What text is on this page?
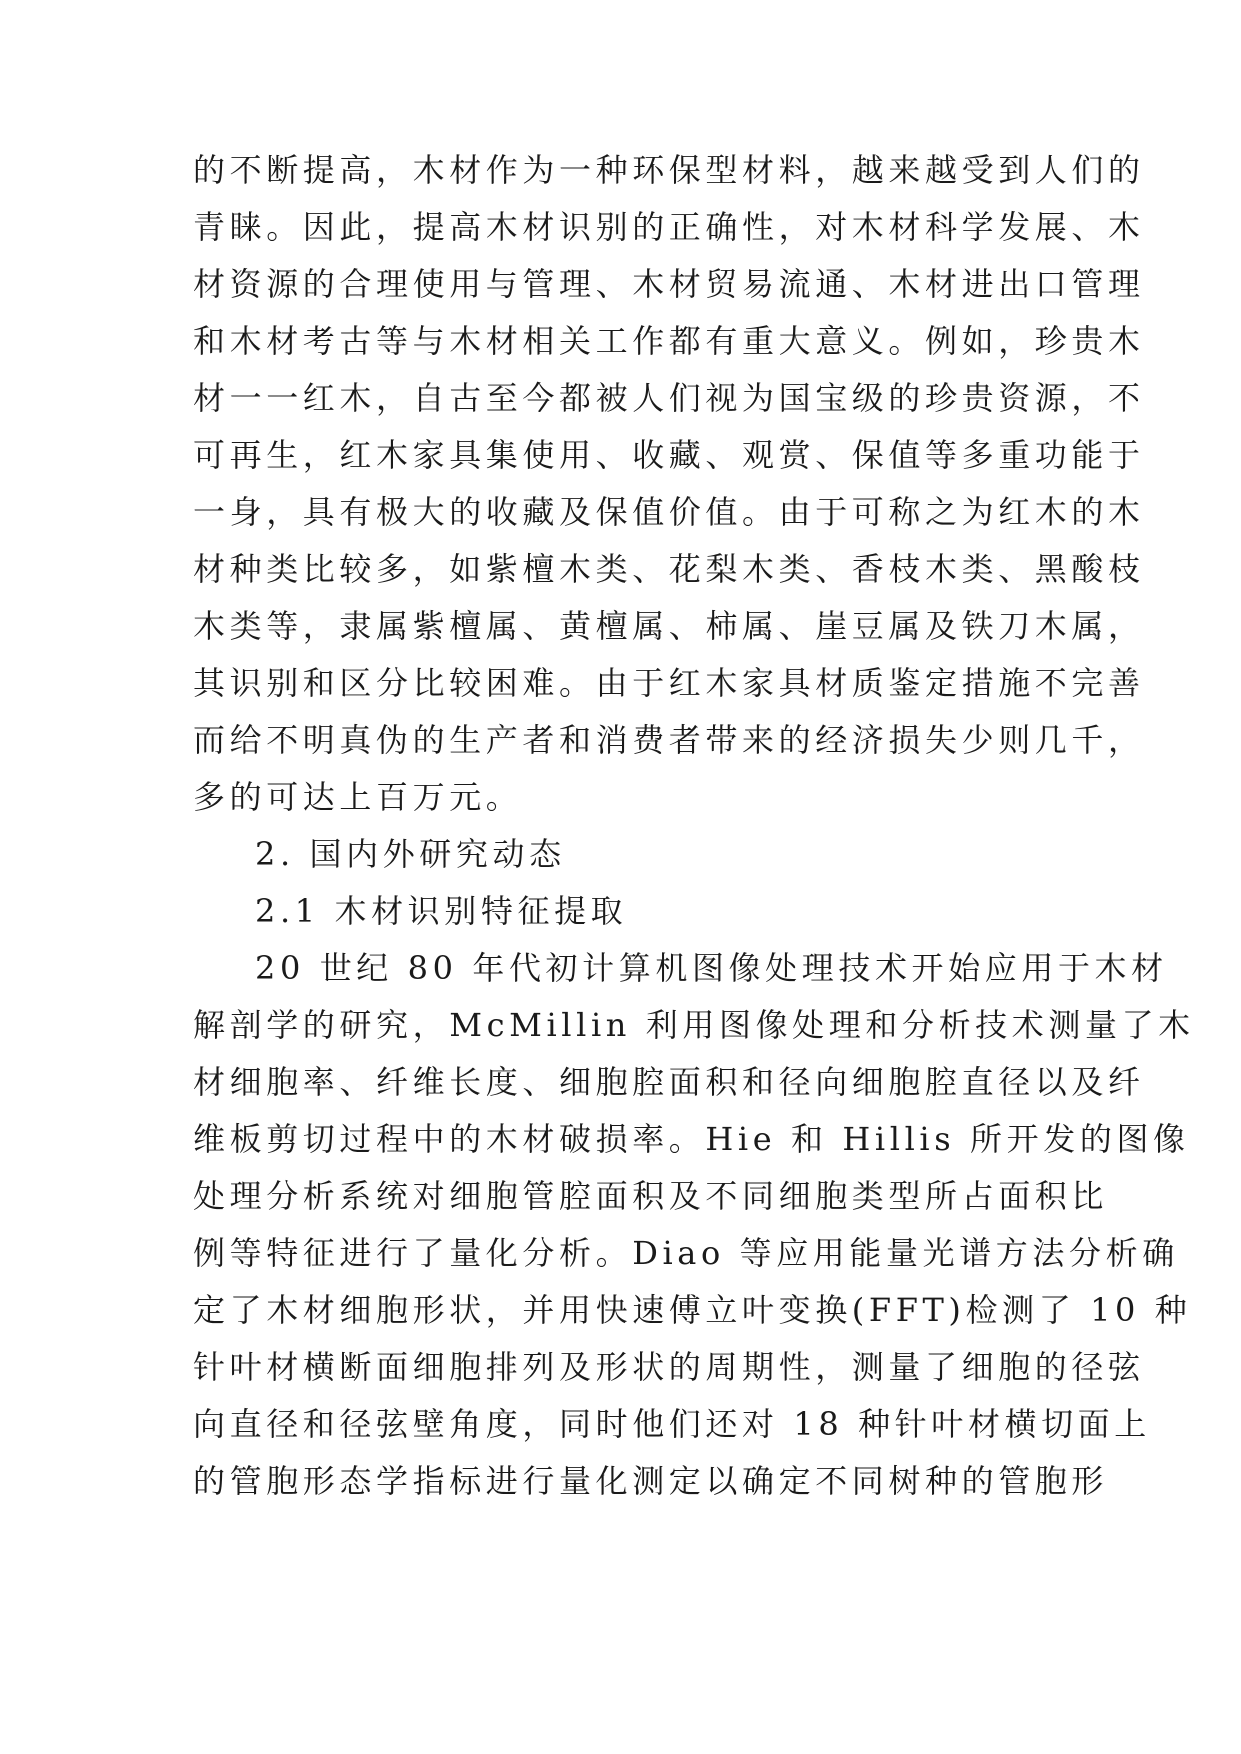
的不断提高，木材作为一种环保型材料，越来越受到人们的
青睐。因此，提高木材识别的正确性，对木材科学发展、木
材资源的合理使用与管理、木材贸易流通、木材进出口管理
和木材考古等与木材相关工作都有重大意义。例如，珍贵木
材一一红木，自古至今都被人们视为国宝级的珍贵资源，不
可再生，红木家具集使用、收藏、观赏、保值等多重功能于
一身，具有极大的收藏及保值价值。由于可称之为红木的木
材种类比较多，如紫檀木类、花梨木类、香枝木类、黑酸枝
木类等，隶属紫檀属、黄檀属、柿属、崖豆属及铁刀木属，
其识别和区分比较困难。由于红木家具材质鉴定措施不完善
而给不明真伪的生产者和消费者带来的经济损失少则几千，
多的可达上百万元。
2. 国内外研究动态
2.1 木材识别特征提取
20 世纪 80 年代初计算机图像处理技术开始应用于木材
解剖学的研究，McMillin 利用图像处理和分析技术测量了木
材细胞率、纤维长度、细胞腔面积和径向细胞腔直径以及纤
维板剪切过程中的木材破损率。Hie 和 Hillis 所开发的图像
处理分析系统对细胞管腔面积及不同细胞类型所占面积比
例等特征进行了量化分析。Diao 等应用能量光谱方法分析确
定了木材细胞形状，并用快速傅立叶变换(FFT)检测了 10 种
针叶材横断面细胞排列及形状的周期性，测量了细胞的径弦
向直径和径弦壁角度，同时他们还对 18 种针叶材横切面上
的管胞形态学指标进行量化测定以确定不同树种的管胞形
